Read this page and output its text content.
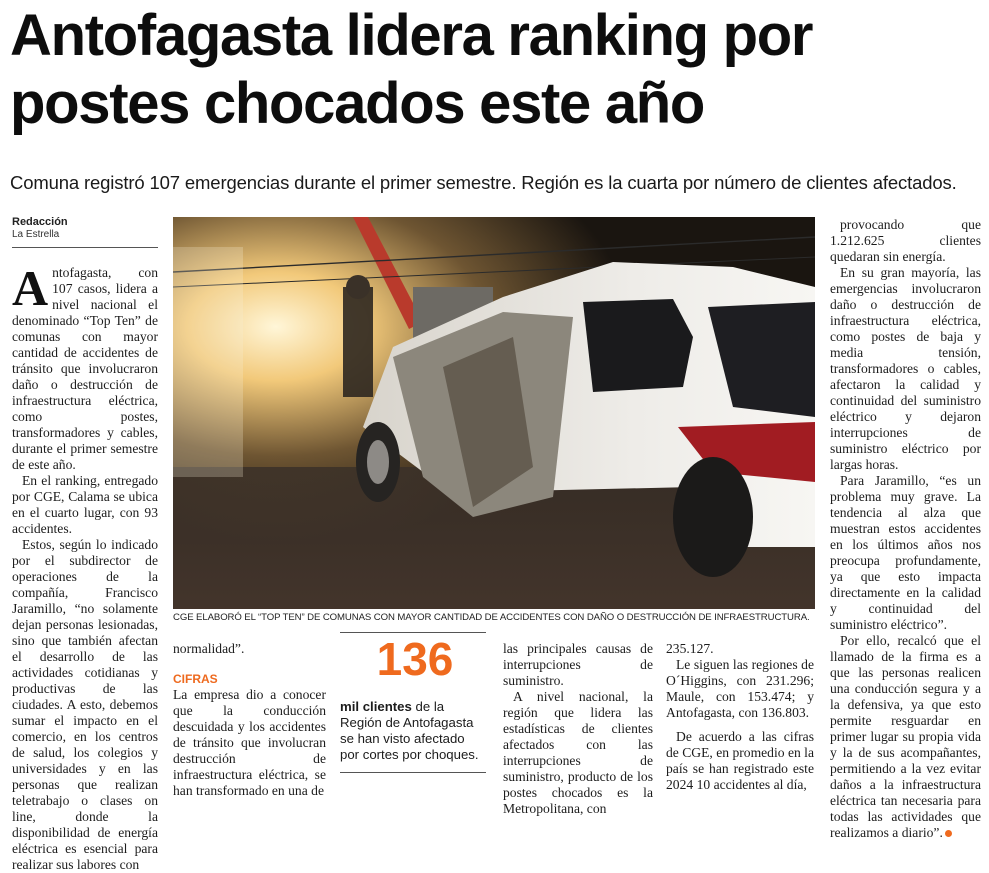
Antofagasta lidera ranking por
postes chocados este año
Comuna registró 107 emergencias durante el primer semestre. Región es la cuarta por número de clientes afectados.
Redacción
La Estrella

Antofagasta, con 107 casos, lidera a nivel nacional el denominado “Top Ten” de comunas con mayor cantidad de accidentes de tránsito que involucraron daño o destrucción de infraestructura eléctrica, como postes, transformadores y cables, durante el primer semestre de este año.

En el ranking, entregado por CGE, Calama se ubica en el cuarto lugar, con 93 accidentes.

Estos, según lo indicado por el subdirector de operaciones de la compañía, Francisco Jaramillo, “no solamente dejan personas lesionadas, sino que también afectan el desarrollo de las actividades cotidianas y productivas de las ciudades. A esto, debemos sumar el impacto en el comercio, en los centros de salud, los colegios y universidades y en las personas que realizan teletrabajo o clases on line, donde la disponibilidad de energía eléctrica es esencial para realizar sus labores con

CGE ELABORÓ EL “TOP TEN” DE COMUNAS CON MAYOR CANTIDAD DE ACCIDENTES CON DAÑO O DESTRUCCIÓN DE INFRAESTRUCTURA.

normalidad”.

CIFRAS

La empresa dio a conocer que la conducción descuidada y los accidentes de tránsito que involucran destrucción de infraestructura eléctrica, se han transformado en una de

136
mil clientes de la Región de Antofagasta se han visto afectado por cortes por choques.

las principales causas de interrupciones de suministro.

A nivel nacional, la región que lidera las estadísticas de clientes afectados con las interrupciones de suministro, producto de los postes chocados es la Metropolitana, con

235.127.

Le siguen las regiones de O´Higgins, con 231.296; Maule, con 153.474; y Antofagasta, con 136.803.

De acuerdo a las cifras de CGE, en promedio en la país se han registrado este 2024 10 accidentes al día,

provocando que 1.212.625 clientes quedaran sin energía.

En su gran mayoría, las emergencias involucraron daño o destrucción de infraestructura eléctrica, como postes de baja y media tensión, transformadores o cables, afectaron la calidad y continuidad del suministro eléctrico y dejaron interrupciones de suministro eléctrico por largas horas.

Para Jaramillo, “es un problema muy grave. La tendencia al alza que muestran estos accidentes en los últimos años nos preocupa profundamente, ya que esto impacta directamente en la calidad y continuidad del suministro eléctrico”.

Por ello, recalcó que el llamado de la firma es a que las personas realicen una conducción segura y a la defensiva, ya que esto permite resguardar en primer lugar su propia vida y la de sus acompañantes, permitiendo a la vez evitar daños a la infraestructura eléctrica tan necesaria para todas las actividades que realizamos a diario”.
